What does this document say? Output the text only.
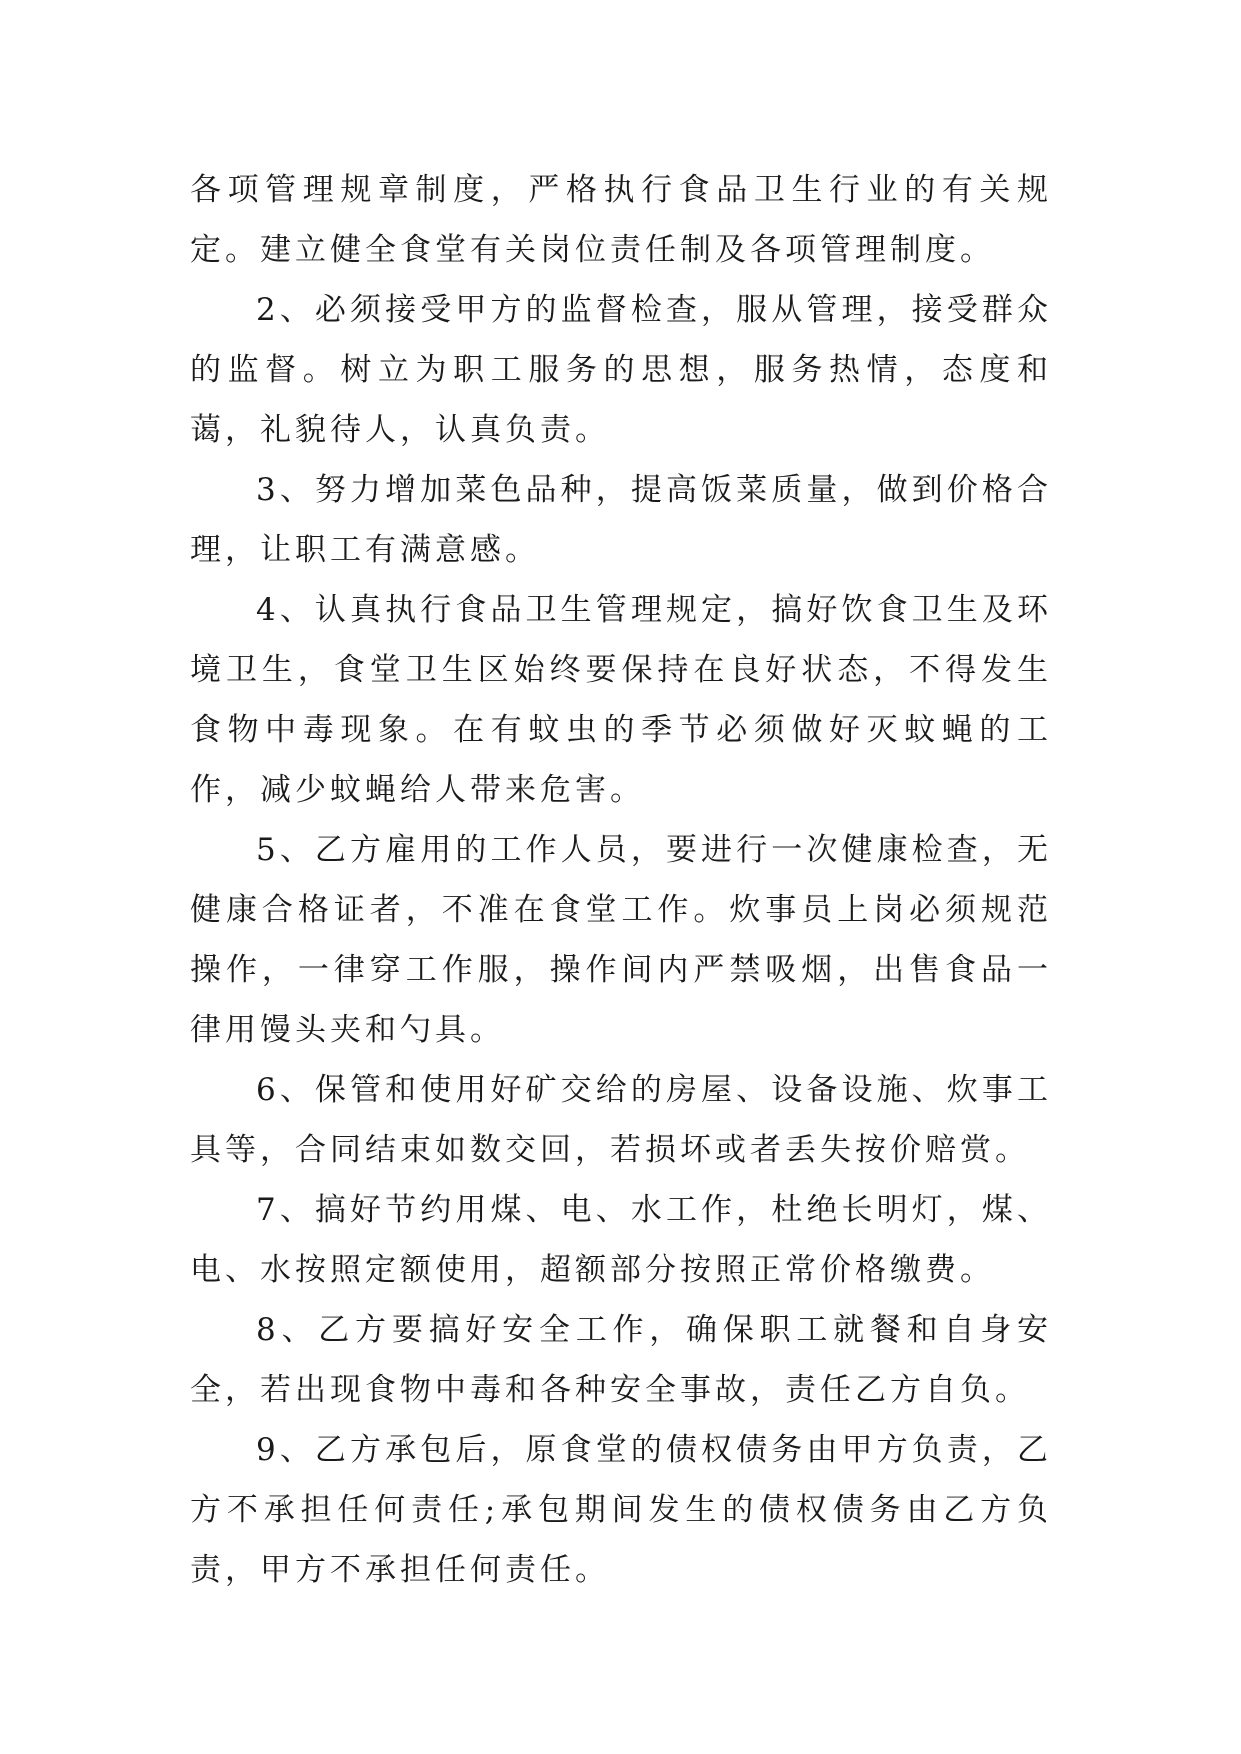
各项管理规章制度，严格执行食品卫生行业的有关规定。建立健全食堂有关岗位责任制及各项管理制度。

2、必须接受甲方的监督检查，服从管理，接受群众的监督。树立为职工服务的思想，服务热情，态度和蔼，礼貌待人，认真负责。

3、努力增加菜色品种，提高饭菜质量，做到价格合理，让职工有满意感。

4、认真执行食品卫生管理规定，搞好饮食卫生及环境卫生，食堂卫生区始终要保持在良好状态，不得发生食物中毒现象。在有蚊虫的季节必须做好灭蚊蝇的工作，减少蚊蝇给人带来危害。

5、乙方雇用的工作人员，要进行一次健康检查，无健康合格证者，不准在食堂工作。炊事员上岗必须规范操作，一律穿工作服，操作间内严禁吸烟，出售食品一律用馒头夹和勺具。

6、保管和使用好矿交给的房屋、设备设施、炊事工具等，合同结束如数交回，若损坏或者丢失按价赔赏。

7、搞好节约用煤、电、水工作，杜绝长明灯，煤、电、水按照定额使用，超额部分按照正常价格缴费。

8、乙方要搞好安全工作，确保职工就餐和自身安全，若出现食物中毒和各种安全事故，责任乙方自负。

9、乙方承包后，原食堂的债权债务由甲方负责，乙方不承担任何责任;承包期间发生的债权债务由乙方负责，甲方不承担任何责任。
